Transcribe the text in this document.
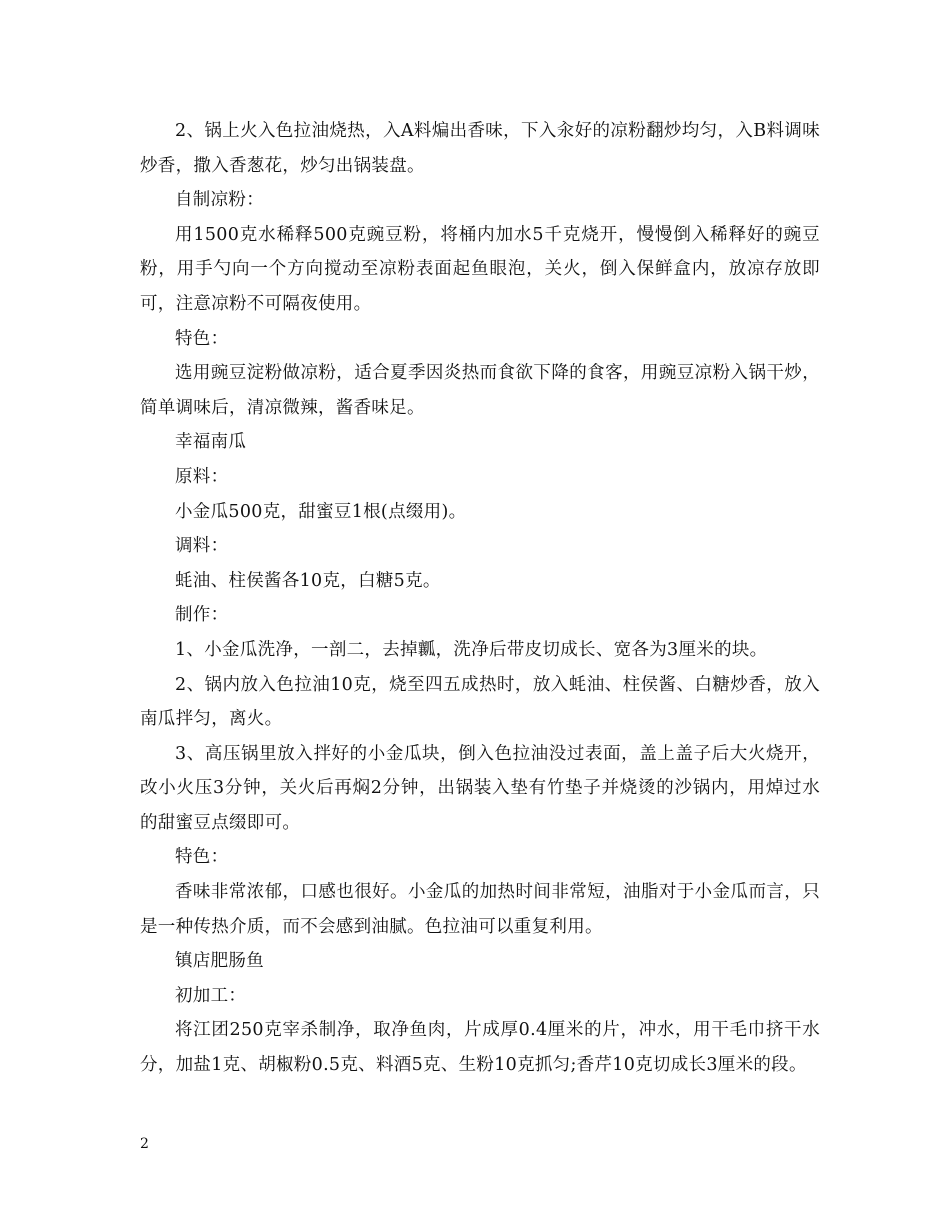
2、锅上火入色拉油烧热，入A料煸出香味，下入汆好的凉粉翻炒均匀，入B料调味炒香，撒入香葱花，炒匀出锅装盘。

自制凉粉：

用1500克水稀释500克豌豆粉，将桶内加水5千克烧开，慢慢倒入稀释好的豌豆粉，用手勺向一个方向搅动至凉粉表面起鱼眼泡，关火，倒入保鲜盒内，放凉存放即可，注意凉粉不可隔夜使用。

特色：

选用豌豆淀粉做凉粉，适合夏季因炎热而食欲下降的食客，用豌豆凉粉入锅干炒，简单调味后，清凉微辣，酱香味足。

幸福南瓜

原料：

小金瓜500克，甜蜜豆1根(点缀用)。

调料：

蚝油、柱侯酱各10克，白糖5克。

制作：

1、小金瓜洗净，一剖二，去掉瓤，洗净后带皮切成长、宽各为3厘米的块。

2、锅内放入色拉油10克，烧至四五成热时，放入蚝油、柱侯酱、白糖炒香，放入南瓜拌匀，离火。

3、高压锅里放入拌好的小金瓜块，倒入色拉油没过表面，盖上盖子后大火烧开，改小火压3分钟，关火后再焖2分钟，出锅装入垫有竹垫子并烧烫的沙锅内，用焯过水的甜蜜豆点缀即可。

特色：

香味非常浓郁，口感也很好。小金瓜的加热时间非常短，油脂对于小金瓜而言，只是一种传热介质，而不会感到油腻。色拉油可以重复利用。

镇店肥肠鱼

初加工：

将江团250克宰杀制净，取净鱼肉，片成厚0.4厘米的片，冲水，用干毛巾挤干水分，加盐1克、胡椒粉0.5克、料酒5克、生粉10克抓匀;香芹10克切成长3厘米的段。

2
